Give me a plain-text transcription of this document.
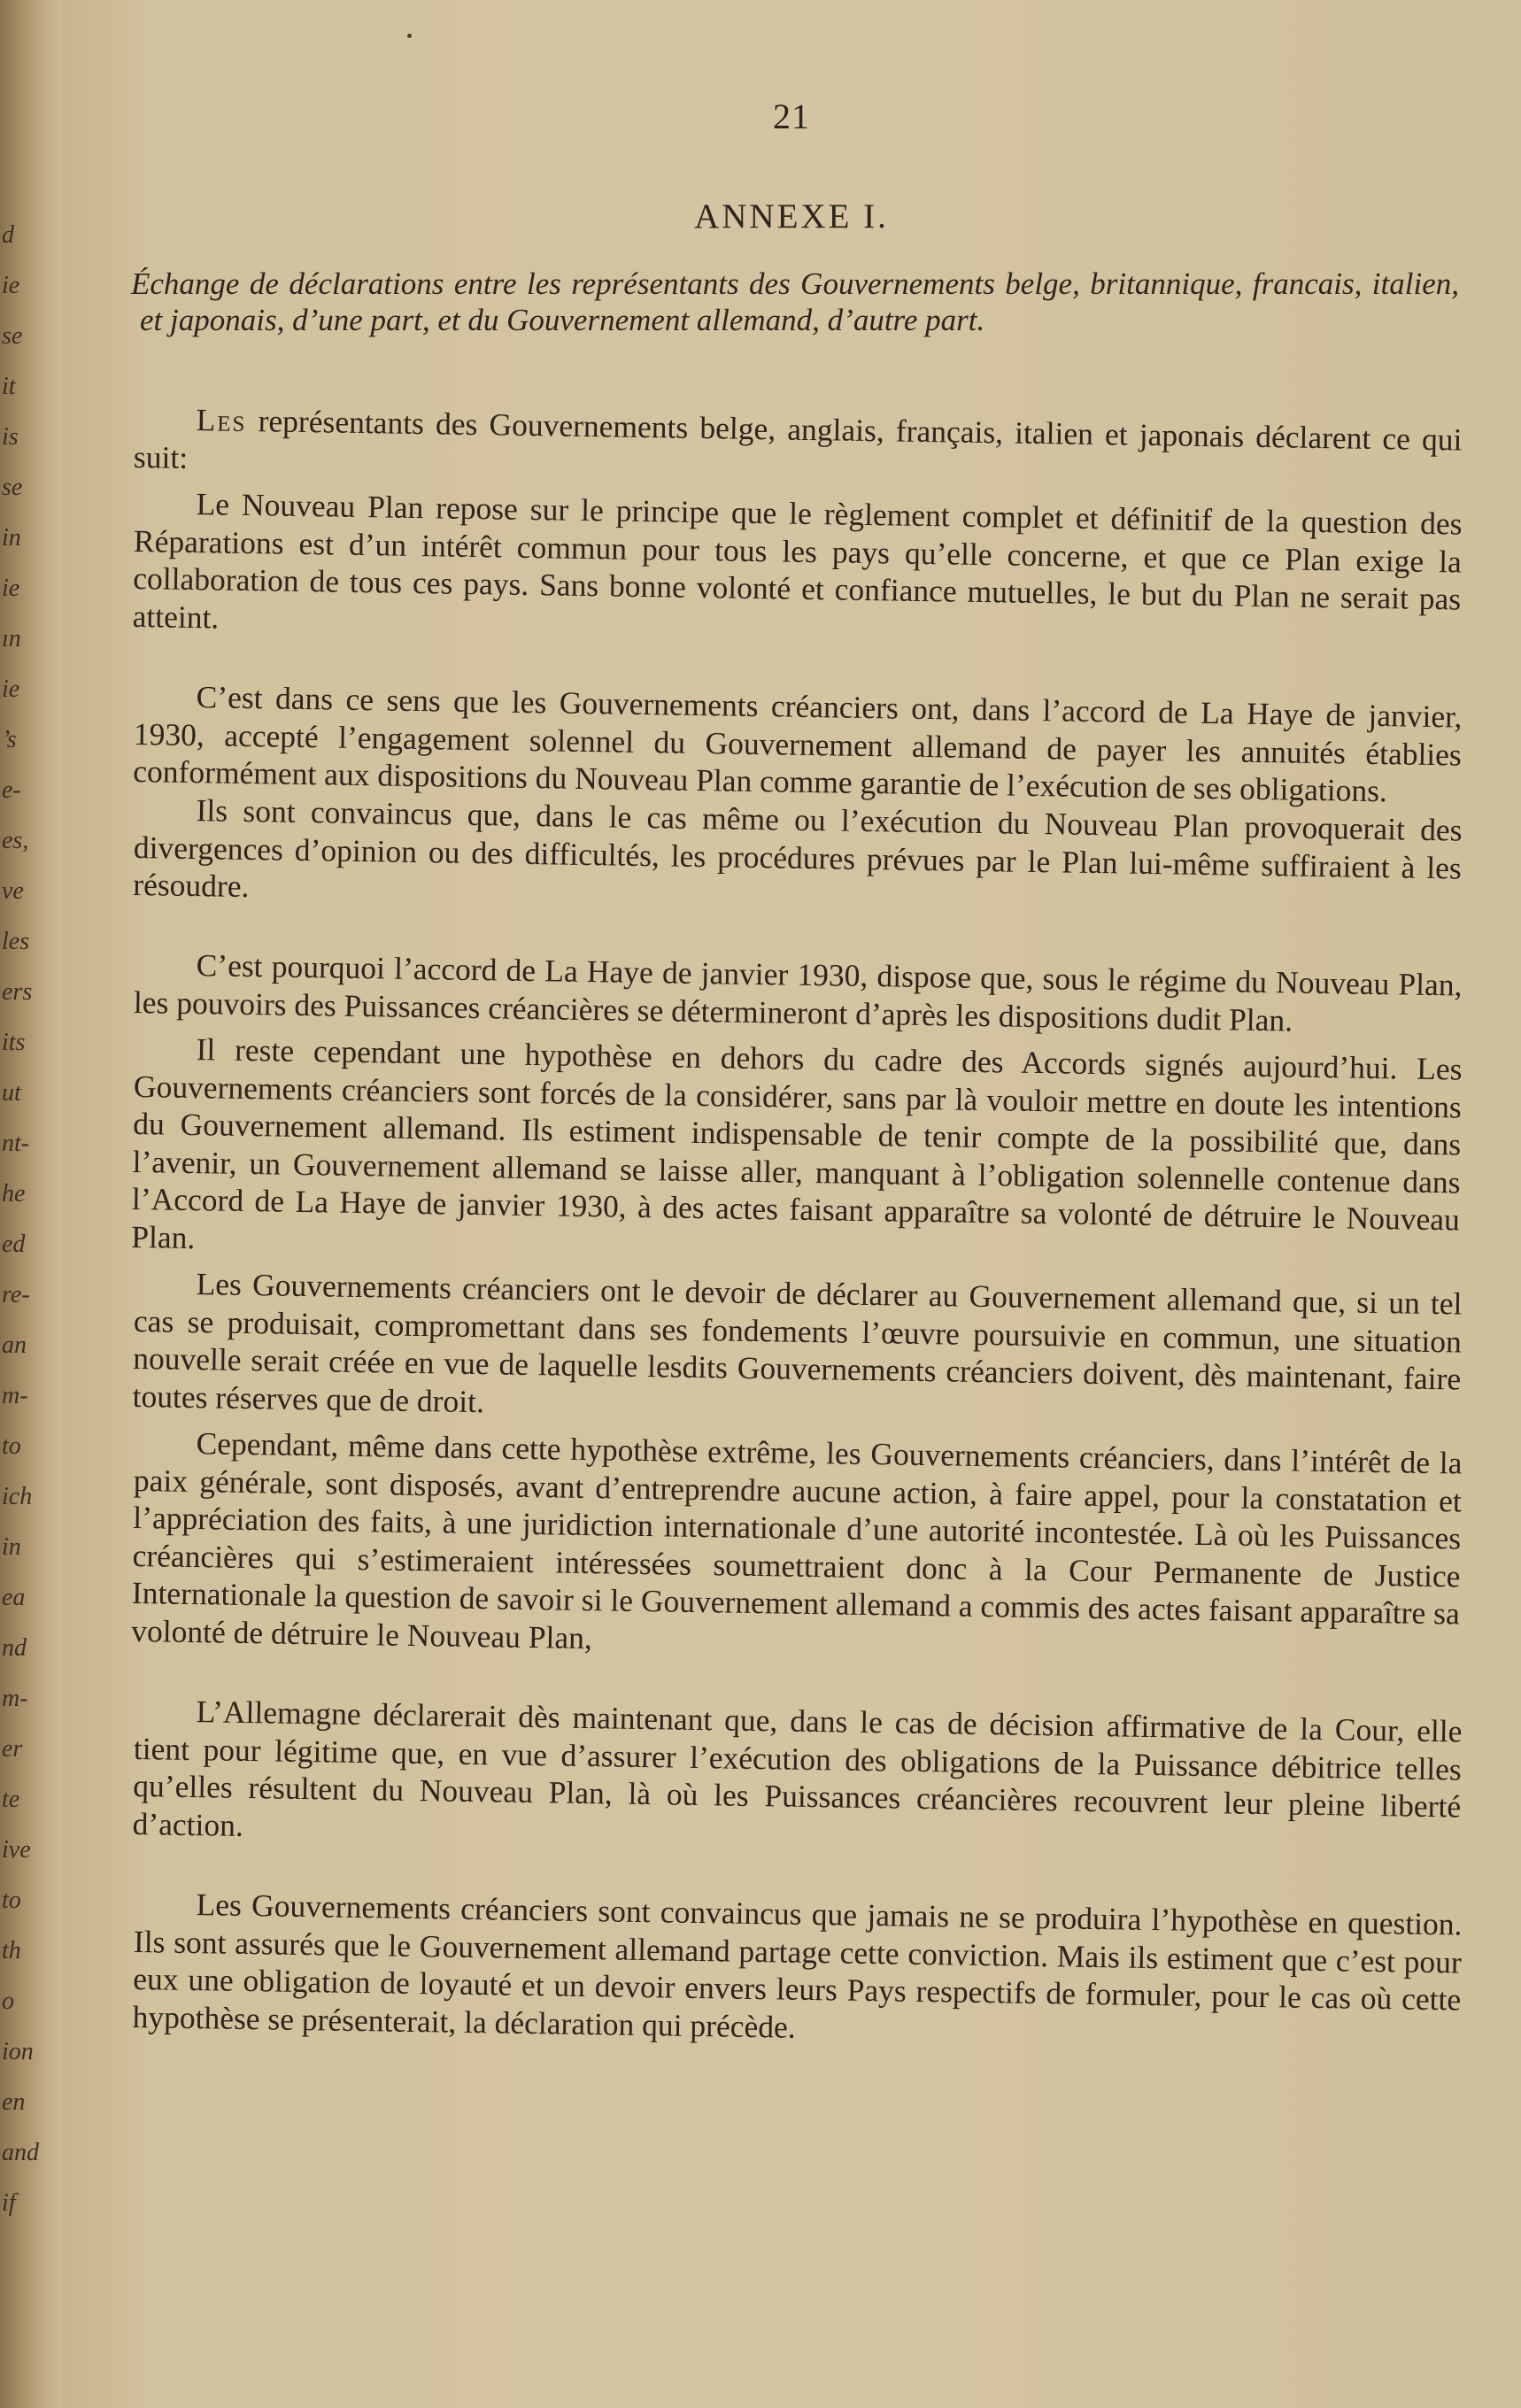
d
ie
se
it
is
se
in
ie
ın
ie
’s
e-
es,
ve
les
ers
its
ut
nt-
he
ed
re-
an
m-
to
ich
in
ea
nd
m-
er
te
ive
to
th
o
ion
en
and
if
21
ANNEXE I.
Échange de déclarations entre les représentants des Gouvernements belge, britannique, francais, italien, et japonais, d’une part, et du Gouvernement allemand, d’autre part.

Les représentants des Gouvernements belge, anglais, français, italien et japonais déclarent ce qui suit:

Le Nouveau Plan repose sur le principe que le règlement complet et définitif de la question des Réparations est d’un intérêt commun pour tous les pays qu’elle concerne, et que ce Plan exige la collaboration de tous ces pays. Sans bonne volonté et confiance mutuelles, le but du Plan ne serait pas atteint.

C’est dans ce sens que les Gouvernements créanciers ont, dans l’accord de La Haye de janvier, 1930, accepté l’engagement solennel du Gouvernement allemand de payer les annuités établies conformément aux dispositions du Nouveau Plan comme garantie de l’exécution de ses obligations.

Ils sont convaincus que, dans le cas même ou l’exécution du Nouveau Plan provoquerait des divergences d’opinion ou des difficultés, les procédures prévues par le Plan lui-même suffiraient à les résoudre.

C’est pourquoi l’accord de La Haye de janvier 1930, dispose que, sous le régime du Nouveau Plan, les pouvoirs des Puissances créancières se détermineront d’après les dispositions dudit Plan.

Il reste cependant une hypothèse en dehors du cadre des Accords signés aujourd’hui. Les Gouvernements créanciers sont forcés de la considérer, sans par là vouloir mettre en doute les intentions du Gouvernement allemand. Ils estiment indispensable de tenir compte de la possibilité que, dans l’avenir, un Gouvernement allemand se laisse aller, manquant à l’obligation solennelle contenue dans l’Accord de La Haye de janvier 1930, à des actes faisant apparaître sa volonté de détruire le Nouveau Plan.

Les Gouvernements créanciers ont le devoir de déclarer au Gouvernement allemand que, si un tel cas se produisait, compromettant dans ses fondements l’œuvre poursuivie en commun, une situation nouvelle serait créée en vue de laquelle lesdits Gouvernements créanciers doivent, dès maintenant, faire toutes réserves que de droit.

Cependant, même dans cette hypothèse extrême, les Gouvernements créanciers, dans l’intérêt de la paix générale, sont disposés, avant d’entreprendre aucune action, à faire appel, pour la constatation et l’appréciation des faits, à une juridiction internationale d’une autorité incontestée. Là où les Puissances créancières qui s’estimeraient intéressées soumettraient donc à la Cour Permanente de Justice Internationale la question de savoir si le Gouvernement allemand a commis des actes faisant apparaître sa volonté de détruire le Nouveau Plan,

L’Allemagne déclarerait dès maintenant que, dans le cas de décision affirmative de la Cour, elle tient pour légitime que, en vue d’assurer l’exécution des obligations de la Puissance débitrice telles qu’elles résultent du Nouveau Plan, là où les Puissances créancières recouvrent leur pleine liberté d’action.

Les Gouvernements créanciers sont convaincus que jamais ne se produira l’hypothèse en question. Ils sont assurés que le Gouvernement allemand partage cette conviction. Mais ils estiment que c’est pour eux une obligation de loyauté et un devoir envers leurs Pays respectifs de formuler, pour le cas où cette hypothèse se présenterait, la déclaration qui précède.
